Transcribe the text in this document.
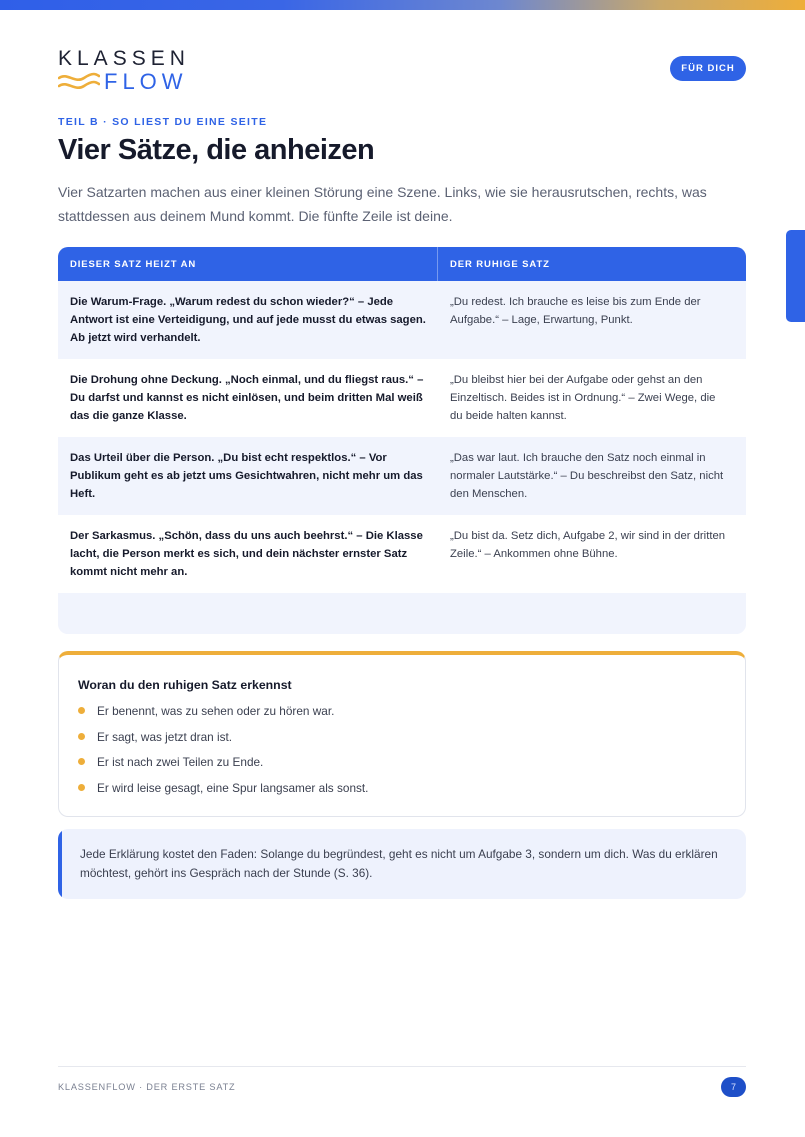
KLASSEN
FLOW
FÜR DICH
TEIL B · SO LIEST DU EINE SEITE
Vier Sätze, die anheizen

Vier Satzarten machen aus einer kleinen Störung eine Szene. Links, wie sie herausrutschen, rechts, was stattdessen aus deinem Mund kommt. Die fünfte Zeile ist deine.

DIESER SATZ HEIZT AN	DER RUHIGE SATZ
Die Warum-Frage. „Warum redest du schon wieder?“ – Jede Antwort ist eine Verteidigung, und auf jede musst du etwas sagen. Ab jetzt wird verhandelt.
„Du redest. Ich brauche es leise bis zum Ende der Aufgabe.“ – Lage, Erwartung, Punkt.
Die Drohung ohne Deckung. „Noch einmal, und du fliegst raus.“ – Du darfst und kannst es nicht einlösen, und beim dritten Mal weiß das die ganze Klasse.
„Du bleibst hier bei der Aufgabe oder gehst an den Einzeltisch. Beides ist in Ordnung.“ – Zwei Wege, die du beide halten kannst.
Das Urteil über die Person. „Du bist echt respektlos.“ – Vor Publikum geht es ab jetzt ums Gesichtwahren, nicht mehr um das Heft.
„Das war laut. Ich brauche den Satz noch einmal in normaler Lautstärke.“ – Du beschreibst den Satz, nicht den Menschen.
Der Sarkasmus. „Schön, dass du uns auch beehrst.“ – Die Klasse lacht, die Person merkt es sich, und dein nächster ernster Satz kommt nicht mehr an.
„Du bist da. Setz dich, Aufgabe 2, wir sind in der dritten Zeile.“ – Ankommen ohne Bühne.
Woran du den ruhigen Satz erkennst
Er benennt, was zu sehen oder zu hören war.
Er sagt, was jetzt dran ist.
Er ist nach zwei Teilen zu Ende.
Er wird leise gesagt, eine Spur langsamer als sonst.
Jede Erklärung kostet den Faden: Solange du begründest, geht es nicht um Aufgabe 3, sondern um dich. Was du erklären möchtest, gehört ins Gespräch nach der Stunde (S. 36).
KLASSENFLOW · DER ERSTE SATZ	7
